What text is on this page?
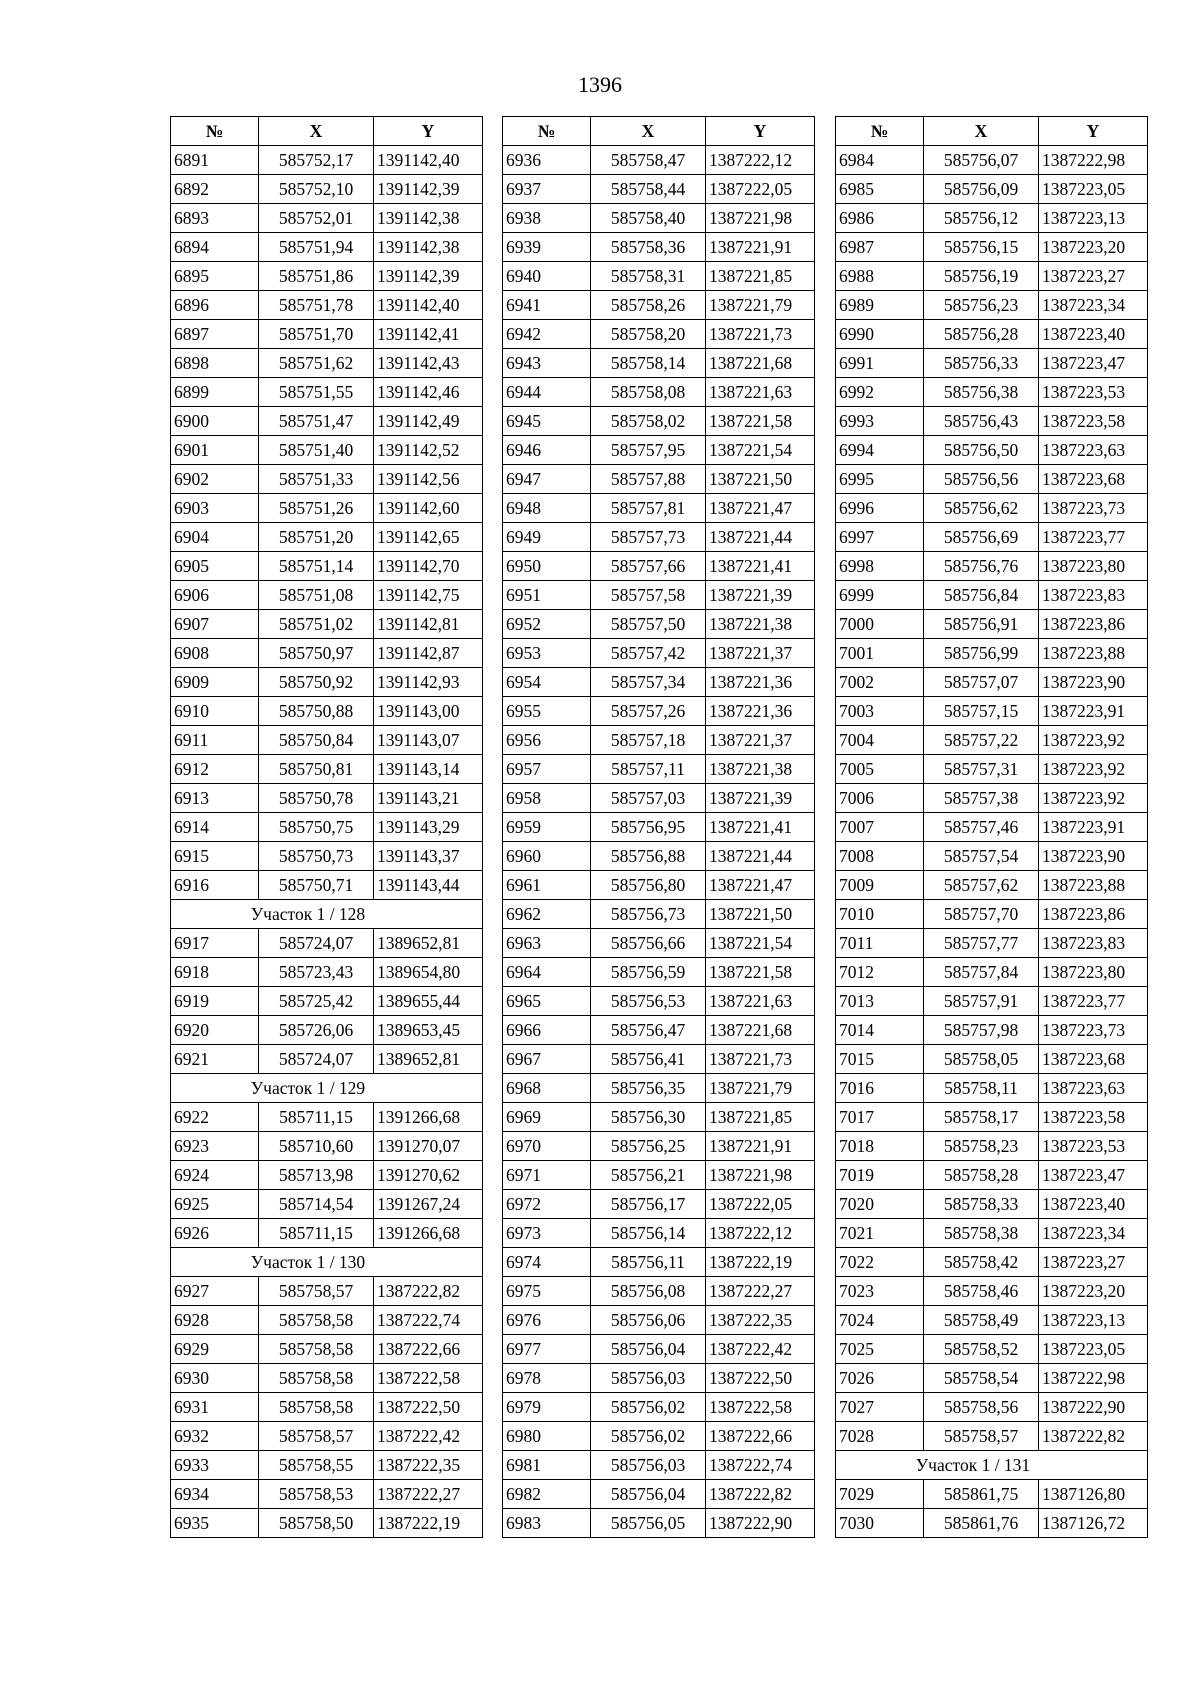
1396
№	X	Y
6891	585752,17	1391142,40
6892	585752,10	1391142,39
6893	585752,01	1391142,38
6894	585751,94	1391142,38
6895	585751,86	1391142,39
6896	585751,78	1391142,40
6897	585751,70	1391142,41
6898	585751,62	1391142,43
6899	585751,55	1391142,46
6900	585751,47	1391142,49
6901	585751,40	1391142,52
6902	585751,33	1391142,56
6903	585751,26	1391142,60
6904	585751,20	1391142,65
6905	585751,14	1391142,70
6906	585751,08	1391142,75
6907	585751,02	1391142,81
6908	585750,97	1391142,87
6909	585750,92	1391142,93
6910	585750,88	1391143,00
6911	585750,84	1391143,07
6912	585750,81	1391143,14
6913	585750,78	1391143,21
6914	585750,75	1391143,29
6915	585750,73	1391143,37
6916	585750,71	1391143,44
Участок 1 / 128		
6917	585724,07	1389652,81
6918	585723,43	1389654,80
6919	585725,42	1389655,44
6920	585726,06	1389653,45
6921	585724,07	1389652,81
Участок 1 / 129		
6922	585711,15	1391266,68
6923	585710,60	1391270,07
6924	585713,98	1391270,62
6925	585714,54	1391267,24
6926	585711,15	1391266,68
Участок 1 / 130		
6927	585758,57	1387222,82
6928	585758,58	1387222,74
6929	585758,58	1387222,66
6930	585758,58	1387222,58
6931	585758,58	1387222,50
6932	585758,57	1387222,42
6933	585758,55	1387222,35
6934	585758,53	1387222,27
6935	585758,50	1387222,19
№	X	Y
6936	585758,47	1387222,12
6937	585758,44	1387222,05
6938	585758,40	1387221,98
6939	585758,36	1387221,91
6940	585758,31	1387221,85
6941	585758,26	1387221,79
6942	585758,20	1387221,73
6943	585758,14	1387221,68
6944	585758,08	1387221,63
6945	585758,02	1387221,58
6946	585757,95	1387221,54
6947	585757,88	1387221,50
6948	585757,81	1387221,47
6949	585757,73	1387221,44
6950	585757,66	1387221,41
6951	585757,58	1387221,39
6952	585757,50	1387221,38
6953	585757,42	1387221,37
6954	585757,34	1387221,36
6955	585757,26	1387221,36
6956	585757,18	1387221,37
6957	585757,11	1387221,38
6958	585757,03	1387221,39
6959	585756,95	1387221,41
6960	585756,88	1387221,44
6961	585756,80	1387221,47
6962	585756,73	1387221,50
6963	585756,66	1387221,54
6964	585756,59	1387221,58
6965	585756,53	1387221,63
6966	585756,47	1387221,68
6967	585756,41	1387221,73
6968	585756,35	1387221,79
6969	585756,30	1387221,85
6970	585756,25	1387221,91
6971	585756,21	1387221,98
6972	585756,17	1387222,05
6973	585756,14	1387222,12
6974	585756,11	1387222,19
6975	585756,08	1387222,27
6976	585756,06	1387222,35
6977	585756,04	1387222,42
6978	585756,03	1387222,50
6979	585756,02	1387222,58
6980	585756,02	1387222,66
6981	585756,03	1387222,74
6982	585756,04	1387222,82
6983	585756,05	1387222,90
№	X	Y
6984	585756,07	1387222,98
6985	585756,09	1387223,05
6986	585756,12	1387223,13
6987	585756,15	1387223,20
6988	585756,19	1387223,27
6989	585756,23	1387223,34
6990	585756,28	1387223,40
6991	585756,33	1387223,47
6992	585756,38	1387223,53
6993	585756,43	1387223,58
6994	585756,50	1387223,63
6995	585756,56	1387223,68
6996	585756,62	1387223,73
6997	585756,69	1387223,77
6998	585756,76	1387223,80
6999	585756,84	1387223,83
7000	585756,91	1387223,86
7001	585756,99	1387223,88
7002	585757,07	1387223,90
7003	585757,15	1387223,91
7004	585757,22	1387223,92
7005	585757,31	1387223,92
7006	585757,38	1387223,92
7007	585757,46	1387223,91
7008	585757,54	1387223,90
7009	585757,62	1387223,88
7010	585757,70	1387223,86
7011	585757,77	1387223,83
7012	585757,84	1387223,80
7013	585757,91	1387223,77
7014	585757,98	1387223,73
7015	585758,05	1387223,68
7016	585758,11	1387223,63
7017	585758,17	1387223,58
7018	585758,23	1387223,53
7019	585758,28	1387223,47
7020	585758,33	1387223,40
7021	585758,38	1387223,34
7022	585758,42	1387223,27
7023	585758,46	1387223,20
7024	585758,49	1387223,13
7025	585758,52	1387223,05
7026	585758,54	1387222,98
7027	585758,56	1387222,90
7028	585758,57	1387222,82
Участок 1 / 131		
7029	585861,75	1387126,80
7030	585861,76	1387126,72
